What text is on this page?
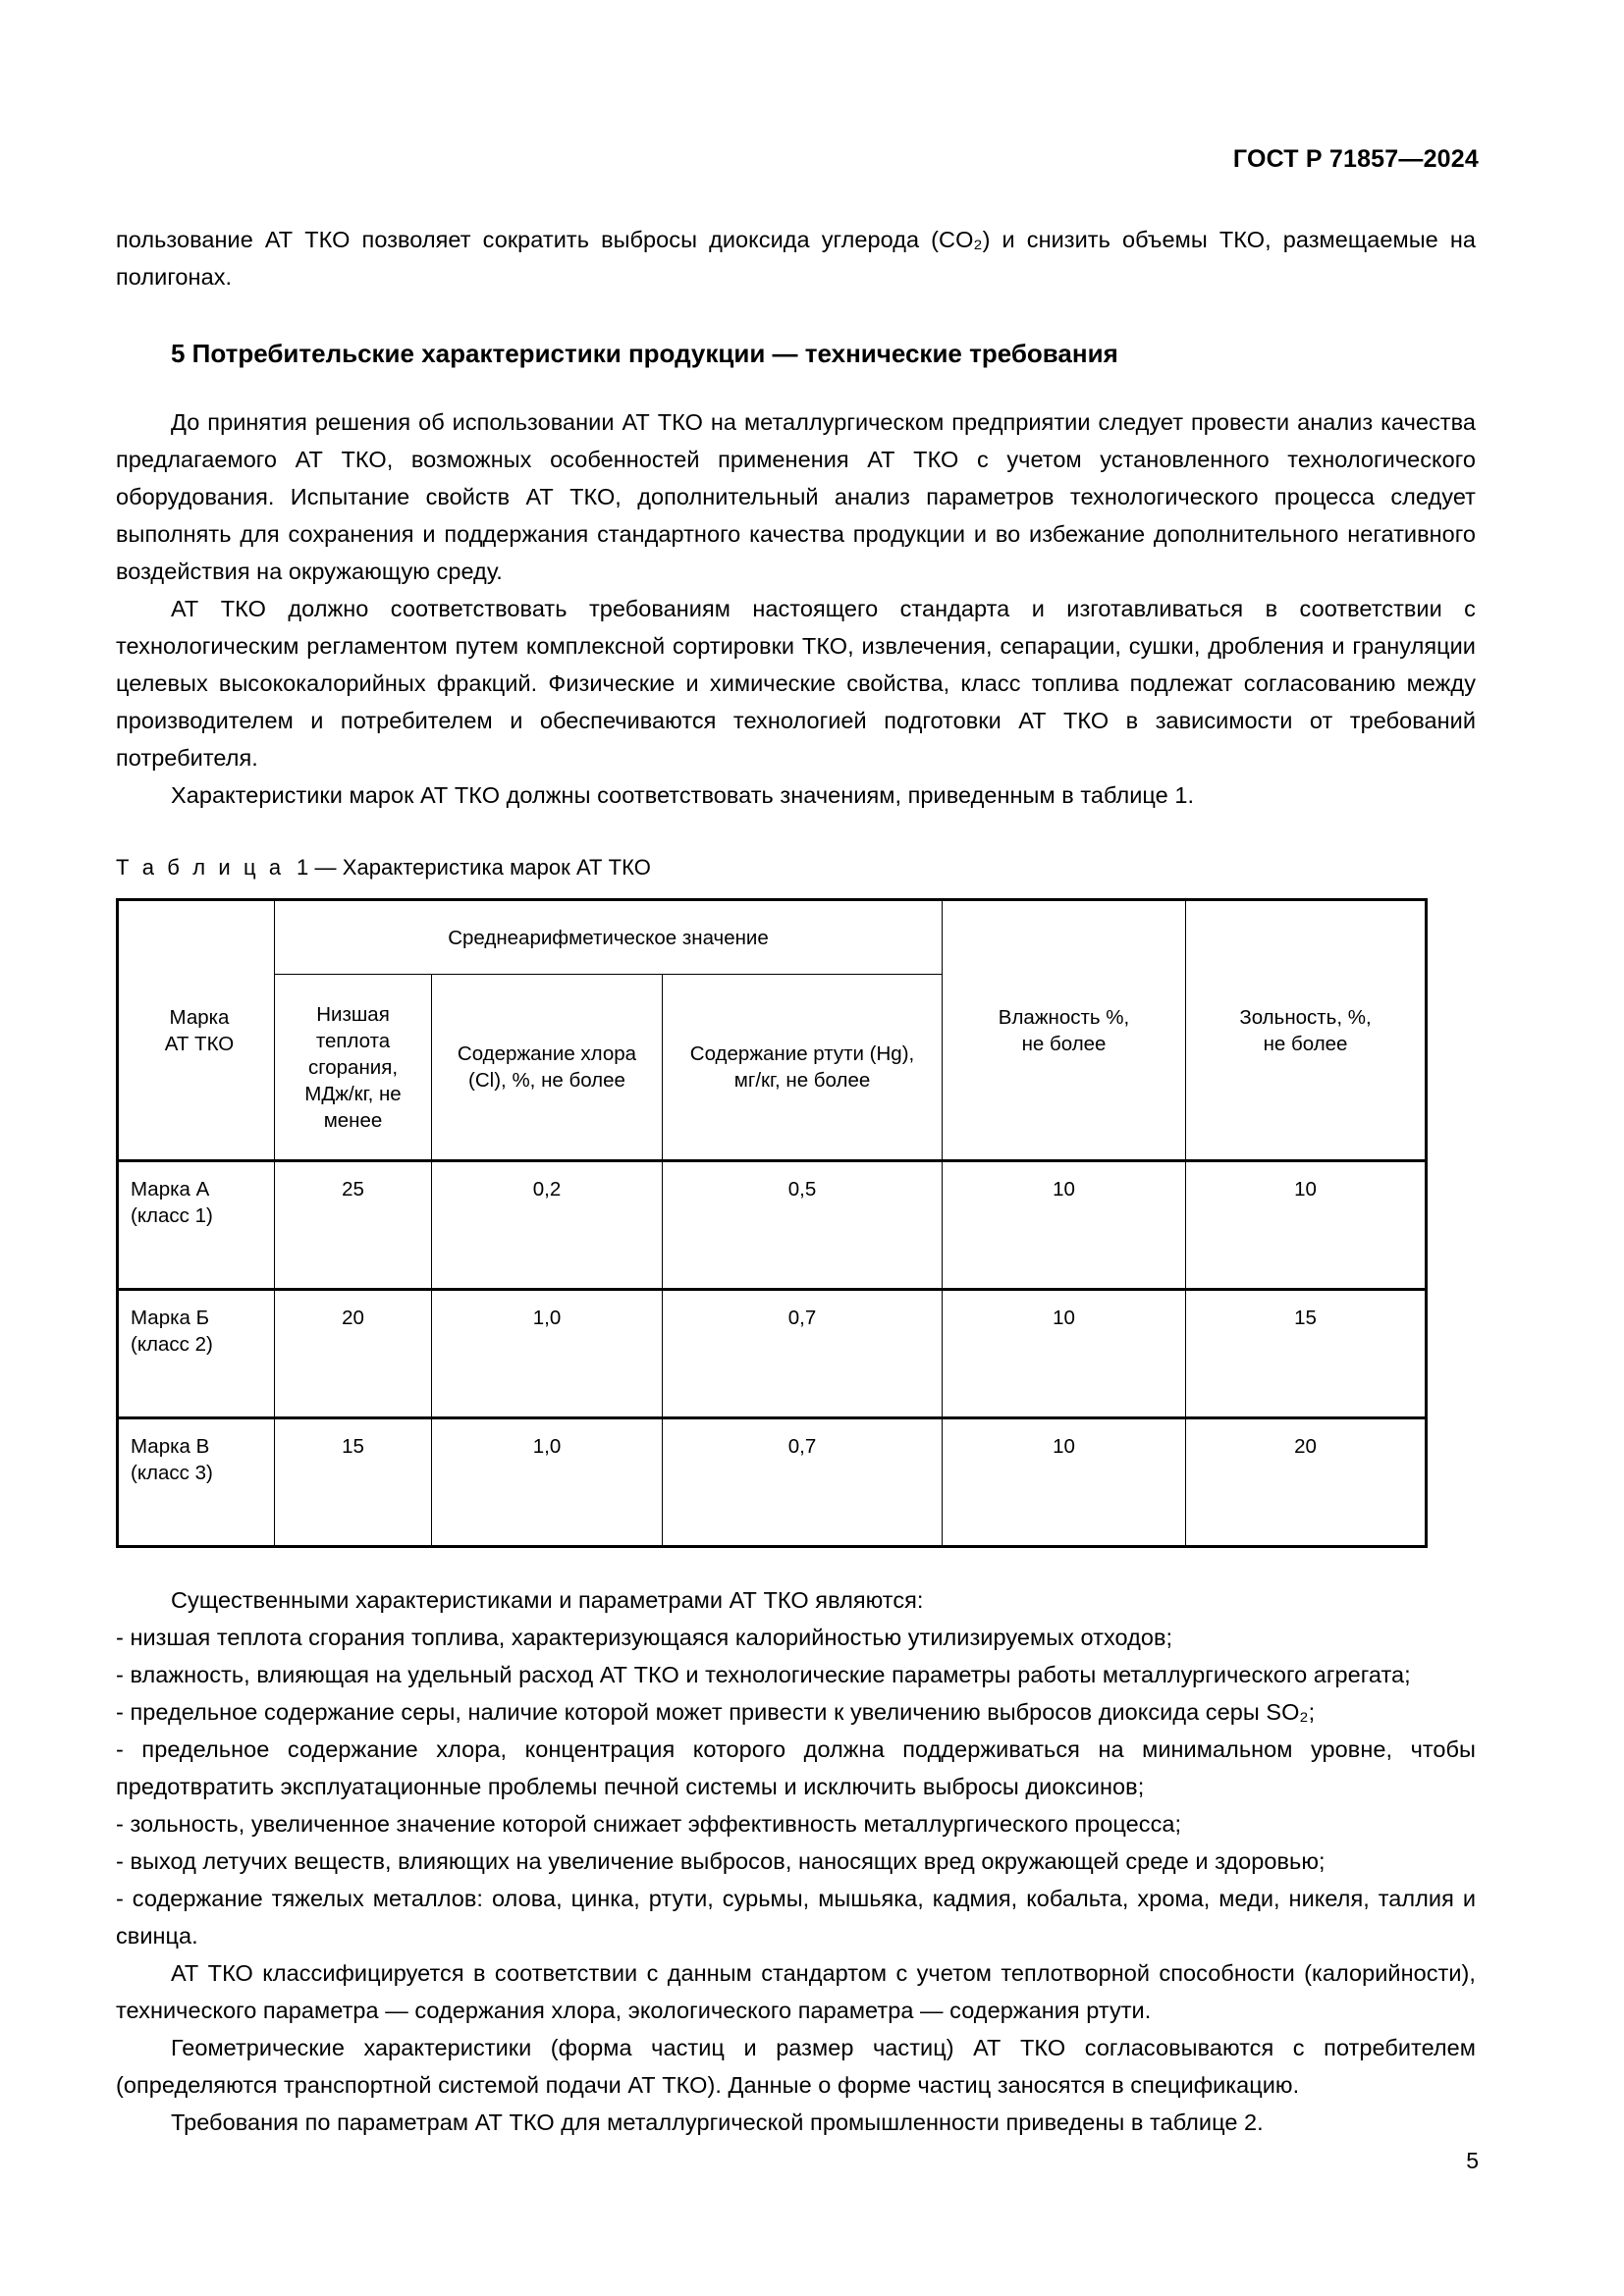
ГОСТ Р 71857—2024

пользование АТ ТКО позволяет сократить выбросы диоксида углерода (CO₂) и снизить объемы ТКО, размещаемые на полигонах.

5 Потребительские характеристики продукции — технические требования

До принятия решения об использовании АТ ТКО на металлургическом предприятии следует провести анализ качества предлагаемого АТ ТКО, возможных особенностей применения АТ ТКО с учетом установленного технологического оборудования. Испытание свойств АТ ТКО, дополнительный анализ параметров технологического процесса следует выполнять для сохранения и поддержания стандартного качества продукции и во избежание дополнительного негативного воздействия на окружающую среду.

АТ ТКО должно соответствовать требованиям настоящего стандарта и изготавливаться в соответствии с технологическим регламентом путем комплексной сортировки ТКО, извлечения, сепарации, сушки, дробления и грануляции целевых высококалорийных фракций. Физические и химические свойства, класс топлива подлежат согласованию между производителем и потребителем и обеспечиваются технологией подготовки АТ ТКО в зависимости от требований потребителя.

Характеристики марок АТ ТКО должны соответствовать значениям, приведенным в таблице 1.

Т а б л и ц а 1 — Характеристика марок АТ ТКО

Марка
АТ ТКО	Среднеарифметическое значение			Влажность %,
не более	Зольность, %,
не более

	Низшая
теплота
сгорания,
МДж/кг, не
менее	Содержание хлора
(Cl), %, не более	Содержание ртути (Hg),
мг/кг, не более		

Марка А
(класс 1)	25	0,2	0,5	10	10

Марка Б
(класс 2)	20	1,0	0,7	10	15

Марка В
(класс 3)	15	1,0	0,7	10	20

Существенными характеристиками и параметрами АТ ТКО являются:

- низшая теплота сгорания топлива, характеризующаяся калорийностью утилизируемых отходов;

- влажность, влияющая на удельный расход АТ ТКО и технологические параметры работы металлургического агрегата;

- предельное содержание серы, наличие которой может привести к увеличению выбросов диоксида серы SO₂;

- предельное содержание хлора, концентрация которого должна поддерживаться на минимальном уровне, чтобы предотвратить эксплуатационные проблемы печной системы и исключить выбросы диоксинов;

- зольность, увеличенное значение которой снижает эффективность металлургического процесса;

- выход летучих веществ, влияющих на увеличение выбросов, наносящих вред окружающей среде и здоровью;

- содержание тяжелых металлов: олова, цинка, ртути, сурьмы, мышьяка, кадмия, кобальта, хрома, меди, никеля, таллия и свинца.

АТ ТКО классифицируется в соответствии с данным стандартом с учетом теплотворной способности (калорийности), технического параметра — содержания хлора, экологического параметра — содержания ртути.

Геометрические характеристики (форма частиц и размер частиц) АТ ТКО согласовываются с потребителем (определяются транспортной системой подачи АТ ТКО). Данные о форме частиц заносятся в спецификацию.

Требования по параметрам АТ ТКО для металлургической промышленности приведены в таблице 2.

5
